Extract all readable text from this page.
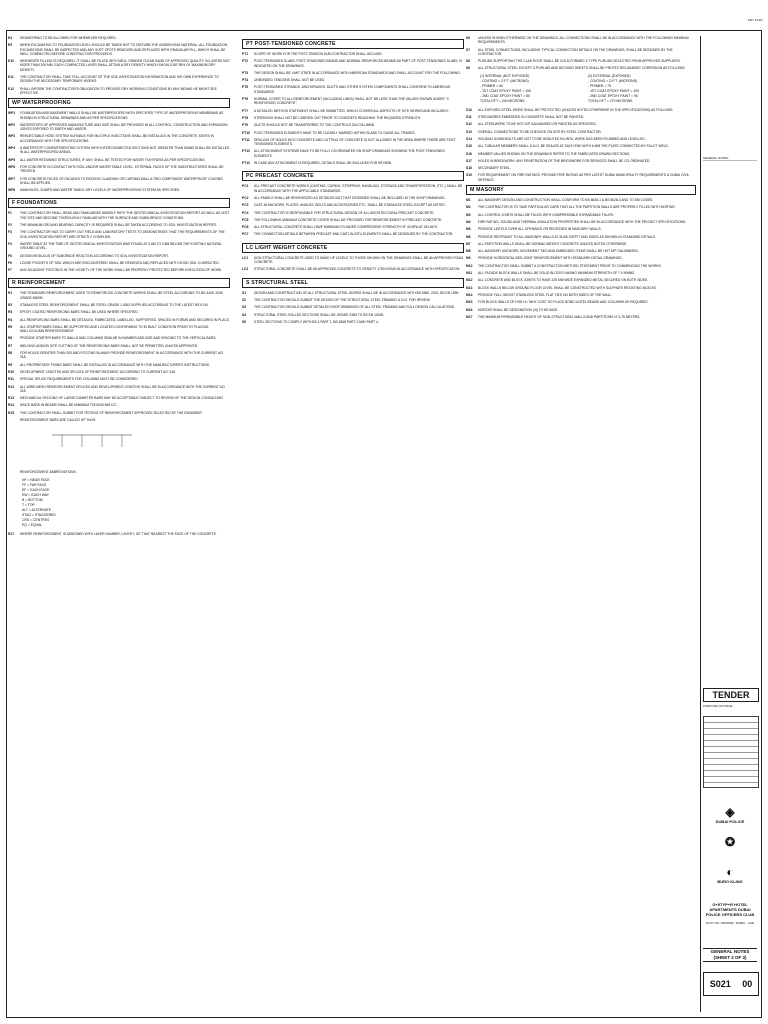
KEY PLAN
E4	DEWATERING TO BE ALLOWED FOR WHENEVER REQUIRED.
E5	WHEN EXCAVATING TO FOUNDATION LEVEL SHOULD BE TAKEN NOT TO DISTURB THE UNDERLYING MATERIAL. ALL FOUNDATION EXCAVATIONS SHALL BE INSPECTED AND ANY SOFT SPOTS REMOVED AND REPLACED WITH GRANULAR FILL, WHICH SHALL BE WELL COMPACTED BEFORE CONSTRUCTION PROCEEDS.
E10	WHENEVER FILLING IS REQUIRED, IT SHALL BE FILLED WITH WELL GRADED CLEAN SAND OF APPROVED QUALITY, IN LAYERS NOT MORE THAN 200 MM. EACH COMPACTED LAYER SHALL ATTAIN A DRY DENSITY WHICH SHOULD BE 95% OF MAXIMUM DRY DENSITY.
E11	THE CONTRACTOR SHALL TAKE FULL ACCOUNT OF THE SOIL INVESTIGATION INFORMATION AND HIS OWN EXPERIENCE TO DESIGN THE NECESSARY TEMPORARY WORKS.
E12	SHALL INFORM THE CONTRACTOR'S OBLIGATION TO PROVIDE DRY WORKING CONDITIONS BY ANY MEANS HE MIGHT SEE EFFECTIVE.
WP WATERPROOFING
WP1	FOUNDATION AND BASEMENT WALLS SHALL BE WATERPROOFED WITH SPECIFIED TYPE OF WATERPROOFING MEMBRANE AS SHOWN IN STRUCTURAL DRAWINGS AND AS PER SPECIFICATIONS.
WP2	WATERSTOPS OF APPROVED MANUFACTURE AND SIZE SHALL BE PROVIDED IN ALL CONTROL, CONSTRUCTION AND EXPANSION JOINTS EXPOSED TO EARTH AND WATER.
WP3	REINJECTABLE HOSE SYSTEM SUITABLE FOR MULTIPLE INJECTIONS SHALL BE INSTALLED IN THE CONCRETE JOINTS IN ACCORDANCE WITH THE SPECIFICATIONS.
WP4	A WATERSTOP COMPARTMENTING SYSTEM WITH INTERCONNECTED SECTIONS NOT GREATER THAN 500M2 SHALL BE INSTALLED IN ALL WATERPROOFED AREAS.
WP5	ALL WATER RETAINING STRUCTURES, IF ANY, SHALL BE TESTED FOR WATER TIGHTNESS AS PER SPECIFICATIONS.
WP6	FOR CONCRETE IN CONTACT WITH SOIL AND/OR WATER TABLE LEVEL, EXTERNAL FACES OF THE SUBSTRUCTURES SHALL BE TREATED.
WP7	FOR CONCRETE FACES OF FACADES TO RECEIVE CLADDING OR CURTAIN WALL A TWO COMPONENT WATERPROOF COATING SHALL BE APPLIED.
WP8	MANHOLES, SUMPS AND WATER TANKS: DRY LEVELS OF WATERPROOFING SYSTEM AS SPECIFIED.
F FOUNDATIONS
F1	THE CONTRACTOR SHALL READ AND FAMILIARIZE HIMSELF WITH THE GEOTECHNICAL INVESTIGATION REPORT AS WELL AS VISIT THE SITE AND BECOME THOROUGHLY FAMILIAR WITH THE SURFACE AND SUBSURFACE CONDITIONS.
F2	THE MINIMUM GROUND BEARING CAPACITY IS REQUIRED SHALL BE TAKEN ACCORDING TO SOIL INVESTIGATION REPORT.
F3	THE CONTRACTOR HAS TO CARRY OUT FIELD AND LABORATORY TESTS TO DEMONSTRATE THAT THE REQUIREMENTS OF THE SOIL INVESTIGATION REPORT ARE STRICTLY COMPLIED.
F4	WATER TABLE AT THE TIME OF GEOTECHNICAL INVESTIGATION WAS FOUND AT 0.6M TO 0.8M BELOW THE EXISTING NATURAL GROUND LEVEL.
F5	DESIGN MODULUS OF SUBGRADE REACTION ACCORDING TO SOIL INVESTIGATION REPORT.
F6	LOOSE POCKETS OF SOIL WHICH ARE ENCOUNTERED SHALL BE REMOVED AND REPLACED WITH GOOD SOIL COMPACTED.
F7	ANY ADJACENT FOOTINGS IN THE VICINITY OF THE WORK SHALL BE PROPERLY PROTECTED BEFORE EXECUTION OF WORK.
R REINFORCEMENT
R1	THE STANDARD REINFORCEMENT USED TO REINFORCED CONCRETE WORKS SHALL BE STEEL ACCORDING TO BS 4449. 2005 GRADE B500B.
R2	STAINLESS STEEL REINFORCEMENT SHALL BE STEEL GRADE 1.4362 SUPPLIED ACCORDING TO THE LATEST BS 6744.
R3	EPOXY COATED REINFORCING BARS SHALL BE USED WHERE SPECIFIED.
R4	ALL REINFORCING BARS SHALL BE DETAILED, FABRICATED, LABELLED, SUPPORTED, SPACED IN FORMS AND SECURED IN PLACE.
R5	ALL STARTER BARS SHALL BE SUPPORTED AND LOCATED CONFORMING TO IN BUILT CONDITION PRIOR TO PLACING WALL/COLUMN REINFORCEMENT.
R6	PROVIDE STARTER BARS TO WALLS AND COLUMNS SIMILAR IN NUMBER AND SIZE AND SPACING TO THE VERTICAL BARS.
R7	WELDING AND/OR SITE CUTTING OF THE REINFORCING BARS SHALL NOT BE PERMITTED UNLESS APPROVED.
R8	FOR HOLES GREATER THAN 300 AND FOOTING BLANKS PROVIDE REINFORCEMENT IN ACCORDANCE WITH THE CURRENT ACI 318.
R9	ALL PROPRIETARY FIXING BARS SHALL BE INSTALLED IN ACCORDANCE WITH THE MANUFACTURER'S INSTRUCTIONS.
R10	DEVELOPMENT LENGTHS AND SPLICES OF REINFORCEMENT ACCORDING TO CURRENT ACI 318.
R11	SPECIAL SPLICE REQUIREMENTS FOR COLUMNS MUST BE CONSIDERED.
R12	ALL WIRE MESH REINFORCEMENT SPLICES AND DEVELOPMENT LENGTHS SHALL BE IN ACCORDANCE WITH THE CURRENT ACI 318.
R13	MECHANICAL SPLICING OF LARGE DIAMETER BARS MAY BE ACCEPTABLE SUBJECT TO REVIEW OF THE DESIGN CONSULTANT.
R14	SINCE BARS IN BEAMS SHALL BE MINIMUM T25 6000 MM C/C.
R15	THE CONTRACTOR SHALL SUBMIT FOR TESTING OF REINFORCEMENT APPROVED SELECTED BY THE ENGINEER.
REINFORCEMENT BARS ARE CALLED UP THUS:
REINFORCEMENT ABBREVIATIONS:
NF = NEAR FACE
FF = FAR FACE
EF = EACH FACE
EW = EACH WAY
B = BOTTOM
T = TOP
ALT = ALTERNATE
STAG = STAGGERED
CRS = CENTRES
EQ = EQUAL
R17	WHERE REINFORCEMENT IS ASSIGNED WITH LAYER NUMBER, LAYER 1 IST THAT NEAREST THE FACE OF THE CONCRETE.
PT POST-TENSIONED CONCRETE
PT1	SCOPE OF WORK FOR THE POST-TENSION SUB-CONTRACTOR SHALL INCLUDE:
PT2	POST-TENSIONED SLABS, POST-TENSIONED BEAMS AND NORMAL REINFORCED BEAMS AS PART OF POST-TENSIONED SLABS, IS INDICATED ON THE DRAWINGS.
PT3	THE DESIGN SHALL BE LIMIT STATE IN ACCORDANCE WITH AMERICAN STANDARDS AND SHALL ACCOUNT FOR THE FOLLOWING:
PT4	UNBONDED TENDONS SHALL NOT BE USED.
PT5	POST-TENSIONED STRANDS, ANCHORAGES, DUCTS AND OTHER SYSTEM COMPONENTS SHALL CONFORM TO AMERICAN STANDARDS.
PT6	NORMAL COVER TO ALL REINFORCEMENT (INCLUDING LINKS) SHALL NOT BE LESS THAN THE VALUES SHOWN UNDER "C REINFORCED CONCRETE".
PT7	A DETAILED METHOD STATEMENT SHALL BE SUBMITTED, WHICH COVERS ALL ASPECTS OF SITE WORKS AND INCLUDES:
PT8	STRESSING SHALL NOT BE CARRIED OUT PRIOR TO CONCRETE REACHING THE REQUIRED STRENGTH.
PT9	DUCTS SHOULD NOT BE TRANSFERRED TO THE CONTROLS ON COLUMNS.
PT10	POST-TENSIONED ELEMENTS HAVE TO BE CLEARLY MARKED WITHIN SLABS TO GUIDE ALL TRADES.
PT11	DRILLING OF HOLES INTO CONCRETE AND CUTTING OF CONCRETE IS NOT ALLOWED IN THE AREA WHERE THERE ARE POST-TENSIONED ELEMENTS.
PT12	ALL ATTACHMENT SYSTEMS HAVE TO BE FULLY COORDINATED ON SHOP DRAWINGS SHOWING THE POST-TENSIONED ELEMENTS.
PT13	IN CASE ANY ATTACHMENT IS REQUIRED, DETAILS SHALL BE INCLUDED FOR REVIEW.
PC PRECAST CONCRETE
PC1	ALL PRECAST CONCRETE WORKS (CASTING, CURING, STRIPPING, HANDLING, STORAGE AND TRANSPORTATION, ETC.) SHALL BE IN ACCORDANCE WITH THE APPLICABLE STANDARDS.
PC2	ALL PANELS SHALL BE REINFORCED AS DETAILED BUT THAT DESIGNED SHALL BE INCLUDED IN THE SHOP DRAWINGS.
PC3	CAST-IN ANCHORS, PLATES, ANGLES, BOLTS AND ACCESSORIES ETC. SHALL BE STAINLESS STEEL EXCEPT AS NOTED.
PC4	THE CONTRACTOR IS RESPONSIBLE FOR STRUCTURAL DESIGN OF ALL ARCHITECTURAL PRECAST CONCRETE.
PC5	THE FOLLOWING MINIMUM CONCRETE COVER SHALL BE PROVIDED FOR REINFORCEMENT IN PRECAST CONCRETE.
PC6	ALL STRUCTURAL CONCRETE SHALL HAVE MINIMUM CYLINDER COMPRESSIVE STRENGTH OF 40 MPA AT 28 DAYS.
PC7	THE CONNECTION DETAILS BETWEEN PRECAST AND CAST-IN-SITU ELEMENTS SHALL BE DESIGNED BY THE CONTRACTOR.
LC LIGHT WEIGHT CONCRETE
LC1	NON STRUCTURAL CONCRETE USED TO MAKE UP LEVELS TO THOSE SHOWN ON THE DRAWINGS SHALL BE AN APPROVED FOAM CONCRETE.
LC2	STRUCTURAL CONCRETE SHALL BE AN APPROVED CONCRETE TO DENSITY 1750 KG/M3 IN ACCORDANCE WITH SPECIFICATION.
S STRUCTURAL STEEL
S1	DESIGN AND CONSTRUCTION OF ALL STRUCTURAL STEEL WORKS SHALL BE IN ACCORDANCE WITH BS 5950: 2001, BS EN 1090.
S2	THE CONTRACTOR SHOULD SUBMIT THE DESIGN OF THE STRUCTURAL STEEL FRAMING U.N.O. FOR REVIEW.
S3	THE CONTRACTOR SHOULD SUBMIT DETAILED SHOP DRAWINGS OF ALL STEEL FRAMING AND FULL DESIGN CALCULATIONS.
S4	STRUCTURAL STEEL ROLLED SECTIONS SHALL BE GRADE S355 TO BS EN 10025.
S5	STEEL SECTIONS TO COMPLY WITH BS 4 PART 1, BS 4848 PART 2 AND PART 4.
S6	UNLESS SHOWN OTHERWISE ON THE DRAWINGS, ALL CONNECTIONS SHALL BE IN ACCORDANCE WITH THE FOLLOWING MINIMUM REQUIREMENTS:
S7	ALL STEEL CONNECTIONS, INCLUDING TYPICAL CONNECTION DETAILS ON THE DRAWINGS, SHALL BE DESIGNED BY THE CONTRACTOR.
S8	PURLINS SUPPORTING THE CLAD ROOF SHALL BE COLD-FORMED Z-TYPE PURLINS SELECTED FROM APPROVED SUPPLIERS.
S9	ALL STRUCTURAL STEEL EXCEPT Z-PURLINS AND DECKING SHEETS SHALL BE PROTECTED AGAINST CORROSION AS FOLLOWS:
(1) INTERNAL (NOT EXPOSED)	(2) EXTERNAL (EXPOSED)
- COATING = Z.F.T. (MICRONS)	- COATING = D.F.T. (MICRONS)
- PRIMER = 60	- PRIMER = 75
- 1ST COAT EPOXY PAINT = 100	- 1ST COAT EPOXY PAINT = 100
- 2ND COAT EPOXY PAINT = 80	- 2ND COAT EPOXY PAINT = 95
TOTAL DFT = 240 MICRONS	TOTAL DFT = 270 MICRONS
S10	ALL EXPOSED STEEL WORK SHALL BE PROTECTED (UNLESS NOTED OTHERWISE IN THE SPECIFICATIONS) AS FOLLOWS:
S11	STEELWORKS EMBEDDED IN CONCRETE SHALL NOT BE PAINTED.
S12	ALL STEELWORK TO BE HOT DIP GALVANISED OR PAINTED AS SPECIFIED.
S13	OVERALL CONNECTIONS TO BE CHECKED ON SITE BY STEEL CONTRACTOR.
S14	HOLDING DOWN BOLTS ARE NOT TO BE GROUTED IN UNTIL WORK HAS BEEN PLUMBED AND LEVELLED.
S15	ALL TUBULAR MEMBERS SHALL U.N.O. BE SEALED AT EACH END WITH 6 MM THK PLATE CONNECTED BY FILLET WELD.
S16	MEMBER VALUES SHOWN ON THE DRAWINGS REFER TO THE FABRICATED DRAWN SECTIONS.
S17	HOLES IN BRICKWORK: ANY PENETRATION OF THE BRICKWORK FOR SERVICES SHALL BE CO-ORDINATED.
S18	SECONDARY STEEL.
S19	FOR REQUIREMENT ON FIRE RATINGS, PROVIDE FIRE RATING AS PER LATEST DUBAI MUNICIPALITY REQUIREMENTS & DUBAI CIVIL DEFENCE.
M MASONRY
M1	ALL MASONRY DESIGN AND CONSTRUCTION SHALL CONFORM TO BS 5628-1 & BS 5628-3 AND TO DM CODES.
M2	THE CONTRACTOR IS TO TAKE PARTICULAR CARE THAT ALL THE PARTITION WALLS ARE PROPERLY FILLED WITH MORTAR.
M3	ALL CONTROL JOINTS SHALL BE FILLED WITH COMPRESSIBLE EXPANDABLE FILLER.
M4	FIRE RATING, SOUND AND THERMAL INSULATION PROPERTIES SHALL BE IN ACCORDANCE WITH THE PROJECT SPECIFICATIONS.
M5	PROVIDE LINTELS OVER ALL OPENINGS OR RECESSES IN MASONRY WALLS.
M6	PROVIDE RESTRAINT TO ALL MASONRY WALLS AT SLAB SOFFIT AND SIDES AS SHOWN IN STANDARD DETAILS.
M7	ALL PARTITION WALLS SHALL BE NORMAL WEIGHT CONCRETE UNLESS NOTED OTHERWISE.
M8	ALL MASONRY ANCHORS, MOVEMENT TIES AND EMBEDDED ITEMS SHALL BE HOT DIP GALVANISED.
M9	PROVIDE HORIZONTAL BED JOINT REINFORCEMENT WITH STANDARD DETAIL DRAWINGS.
M10	THE CONTRACTOR SHALL SUBMIT A CONSTRUCTION METHOD STATEMENT PRIOR TO COMMENCING THE WORKS.
M11	ALL FACADE BLOCK WALLS SHALL BE SOLID BLOCKS HAVING MINIMUM STRENGTH OF 7.0 N/MM2.
M12	ALL CONCRETE AND BLOCK JOINTS TO HAVE 225 MM WIDE EXPANDED METAL SECURED ON BOTH SIDES.
M13	BLOCK WALLS BELOW GROUND FLOOR LEVEL SHALL BE CONSTRUCTED WITH SULPHATE RESISTING BLOCKS.
M14	PROVIDE FULL HEIGHT STAINLESS STEEL FLAT TIES ON BOTH SIDES OF THE WALL.
M15	FOR BLOCK WALLS OF HIGH 4 / WHY COST SO PLACE BOND LINTEL BEAMS AND COLUMNS AS REQUIRED.
M16	MORTAR SHALL BE DESIGNATION (III) TO BS 5628.
M17	THE MINIMUM PERMISSIBLE HEIGHT OF NON-STRUCTURAL WALLS AND PARTITIONS IS 3.75 METERS.
GENERAL NOTES
TENDER
PURPOSE OF ISSUE
◈
DUBAI POLICE
✪
◐
BURO KLING
G+5TYP+R HOTEL APARTMENTS DUBAI POLICE OFFICERS CLUB
PLOT NO. 326/0906 - DUBAI - UAE
GENERAL NOTES (SHEET 2 OF 3)
S021 00
